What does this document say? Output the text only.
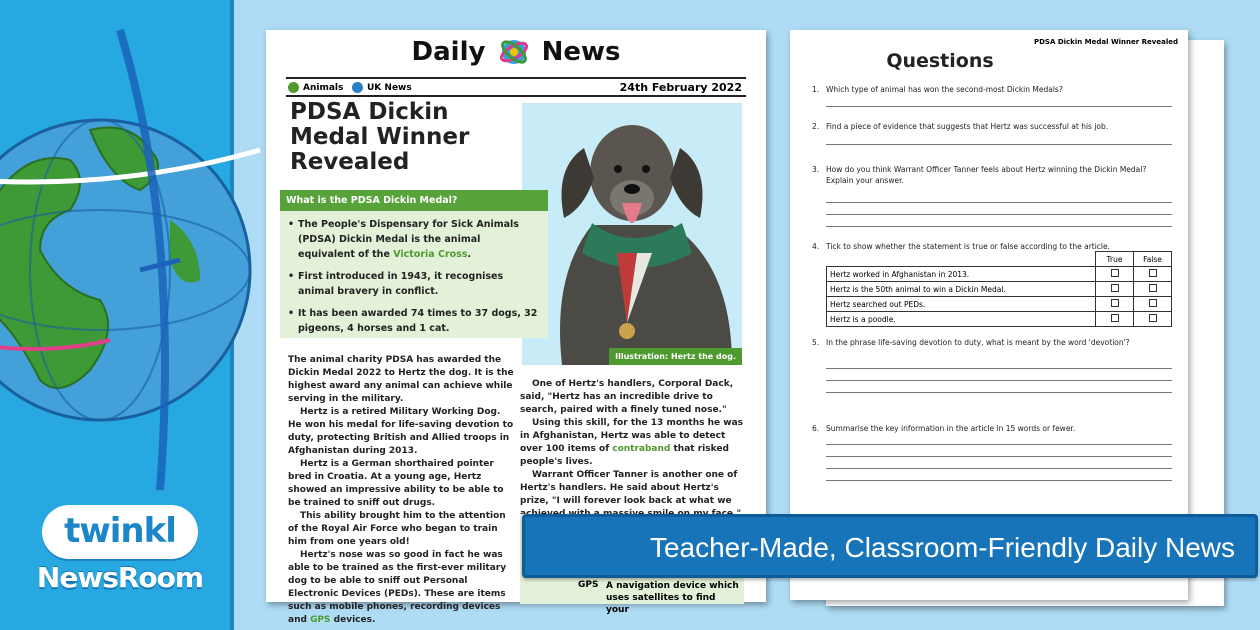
twinkl
NewsRoom
Daily News
Animals	UK News	24th February 2022
PDSA Dickin Medal Winner Revealed
Illustration: Hertz the dog.
What is the PDSA Dickin Medal?
• The People's Dispensary for Sick Animals (PDSA) Dickin Medal is the animal equivalent of the Victoria Cross.
• First introduced in 1943, it recognises animal bravery in conflict.
• It has been awarded 74 times to 37 dogs, 32 pigeons, 4 horses and 1 cat.

The animal charity PDSA has awarded the Dickin Medal 2022 to Hertz the dog. It is the highest award any animal can achieve while serving in the military.

Hertz is a retired Military Working Dog. He won his medal for life-saving devotion to duty, protecting British and Allied troops in Afghanistan during 2013.

Hertz is a German shorthaired pointer bred in Croatia. At a young age, Hertz showed an impressive ability to be able to be trained to sniff out drugs.

This ability brought him to the attention of the Royal Air Force who began to train him from one years old!

Hertz's nose was so good in fact he was able to be trained as the first-ever military dog to be able to sniff out Personal Electronic Devices (PEDs). These are items such as mobile phones, recording devices and GPS devices.

One of Hertz's handlers, Corporal Dack, said, "Hertz has an incredible drive to search, paired with a finely tuned nose."

Using this skill, for the 13 months he was in Afghanistan, Hertz was able to detect over 100 items of contraband that risked people's lives.

Warrant Officer Tanner is another one of Hertz's handlers. He said about Hertz's prize, "I will forever look back at what we

GPS A navigation device which uses satellites to find your
PDSA Dickin Medal Winner Revealed
Questions
1. Which type of animal has won the second-most Dickin Medals?
2. Find a piece of evidence that suggests that Hertz was successful at his job.
3. How do you think Warrant Officer Tanner feels about Hertz winning the Dickin Medal? Explain your answer.
4. Tick to show whether the statement is true or false according to the article.
	True	False
Hertz worked in Afghanistan in 2013.		
Hertz is the 50th animal to win a Dickin Medal.		
Hertz searched out PEDs.		
Hertz is a poodle.		
5. In the phrase life-saving devotion to duty, what is meant by the word 'devotion'?
6. Summarise the key information in the article in 15 words or fewer.
Teacher-Made, Classroom-Friendly Daily News
